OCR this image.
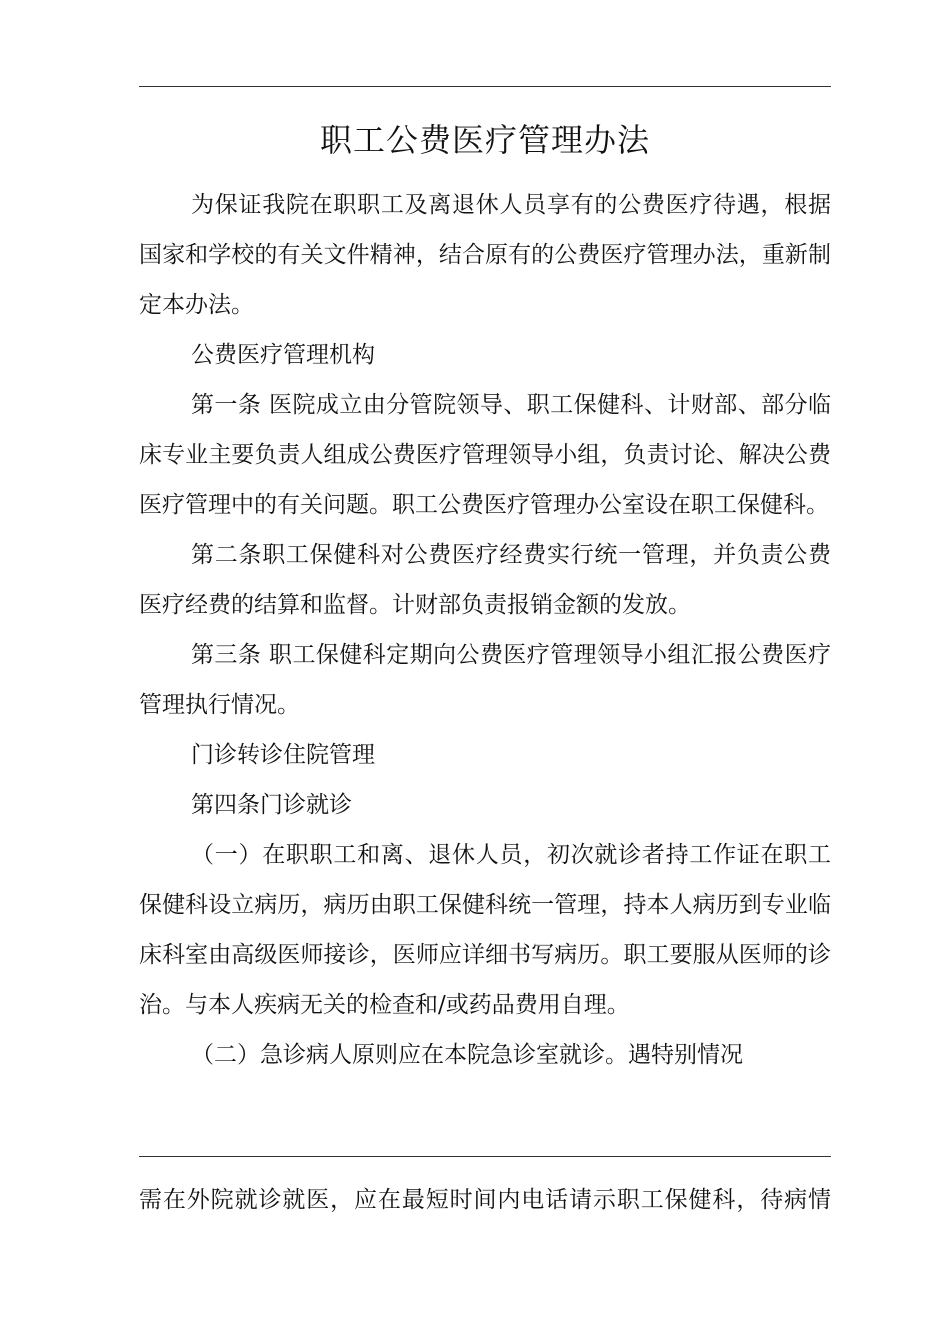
职工公费医疗管理办法

为保证我院在职职工及离退休人员享有的公费医疗待遇，根据国家和学校的有关文件精神，结合原有的公费医疗管理办法，重新制定本办法。

公费医疗管理机构

第一条 医院成立由分管院领导、职工保健科、计财部、部分临床专业主要负责人组成公费医疗管理领导小组，负责讨论、解决公费医疗管理中的有关问题。职工公费医疗管理办公室设在职工保健科。

第二条职工保健科对公费医疗经费实行统一管理，并负责公费医疗经费的结算和监督。计财部负责报销金额的发放。

第三条 职工保健科定期向公费医疗管理领导小组汇报公费医疗管理执行情况。

门诊转诊住院管理

第四条门诊就诊

（一）在职职工和离、退休人员，初次就诊者持工作证在职工保健科设立病历，病历由职工保健科统一管理，持本人病历到专业临床科室由高级医师接诊，医师应详细书写病历。职工要服从医师的诊治。与本人疾病无关的检查和/或药品费用自理。

（二）急诊病人原则应在本院急诊室就诊。遇特别情况

需在外院就诊就医，应在最短时间内电话请示职工保健科，待病情
